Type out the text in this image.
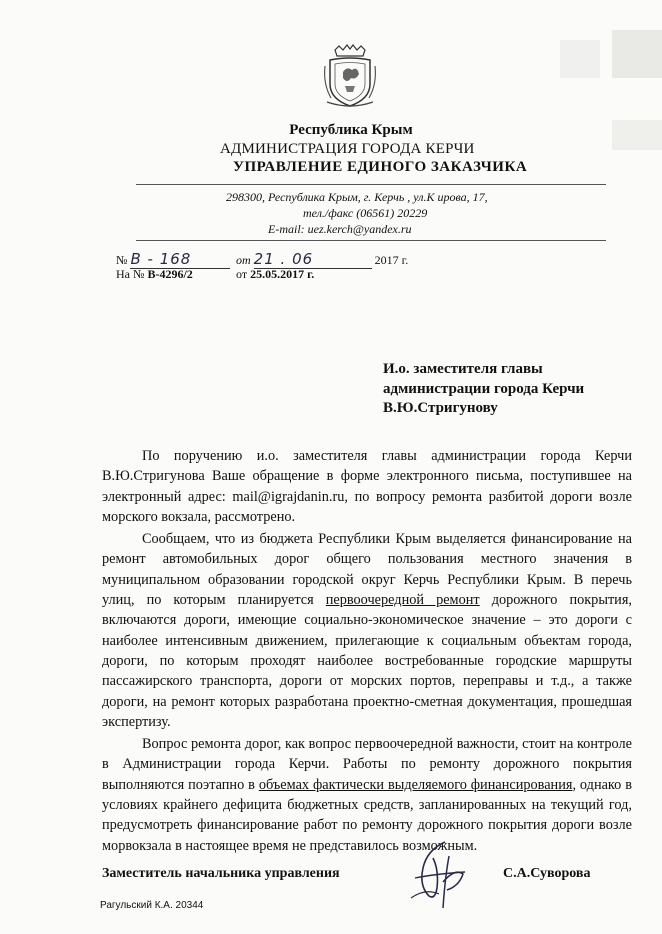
Республика Крым
АДМИНИСТРАЦИЯ ГОРОДА КЕРЧИ
УПРАВЛЕНИЕ ЕДИНОГО ЗАКАЗЧИКА
298300, Республика Крым, г. Керчь , ул.К ирова, 17,
тел./факс (06561) 20229
E-mail: uez.kerch@yandex.ru
№ В - 168	от 21 . 06	2017 г.
На № В-4296/2	от 25.05.2017 г.
И.о. заместителя главы
администрации города Керчи
В.Ю.Стригунову

По поручению и.о. заместителя главы администрации города Керчи В.Ю.Стригунова Ваше обращение в форме электронного письма, поступившее на электронный адрес: mail@igrajdanin.ru, по вопросу ремонта разбитой дороги возле морского вокзала, рассмотрено.

Сообщаем, что из бюджета Республики Крым выделяется финансирование на ремонт автомобильных дорог общего пользования местного значения в муниципальном образовании городской округ Керчь Республики Крым. В перечь улиц, по которым планируется первоочередной ремонт дорожного покрытия, включаются дороги, имеющие социально-экономическое значение – это дороги с наиболее интенсивным движением, прилегающие к социальным объектам города, дороги, по которым проходят наиболее востребованные городские маршруты пассажирского транспорта, дороги от морских портов, переправы и т.д., а также дороги, на ремонт которых разработана проектно-сметная документация, прошедшая экспертизу.

Вопрос ремонта дорог, как вопрос первоочередной важности, стоит на контроле в Администрации города Керчи. Работы по ремонту дорожного покрытия выполняются поэтапно в объемах фактически выделяемого финансирования, однако в условиях крайнего дефицита бюджетных средств, запланированных на текущий год, предусмотреть финансирование работ по ремонту дорожного покрытия дороги возле морвокзала в настоящее время не представилось возможным.

Заместитель начальника управления	С.А.Суворова
Рагульский К.А. 20344
